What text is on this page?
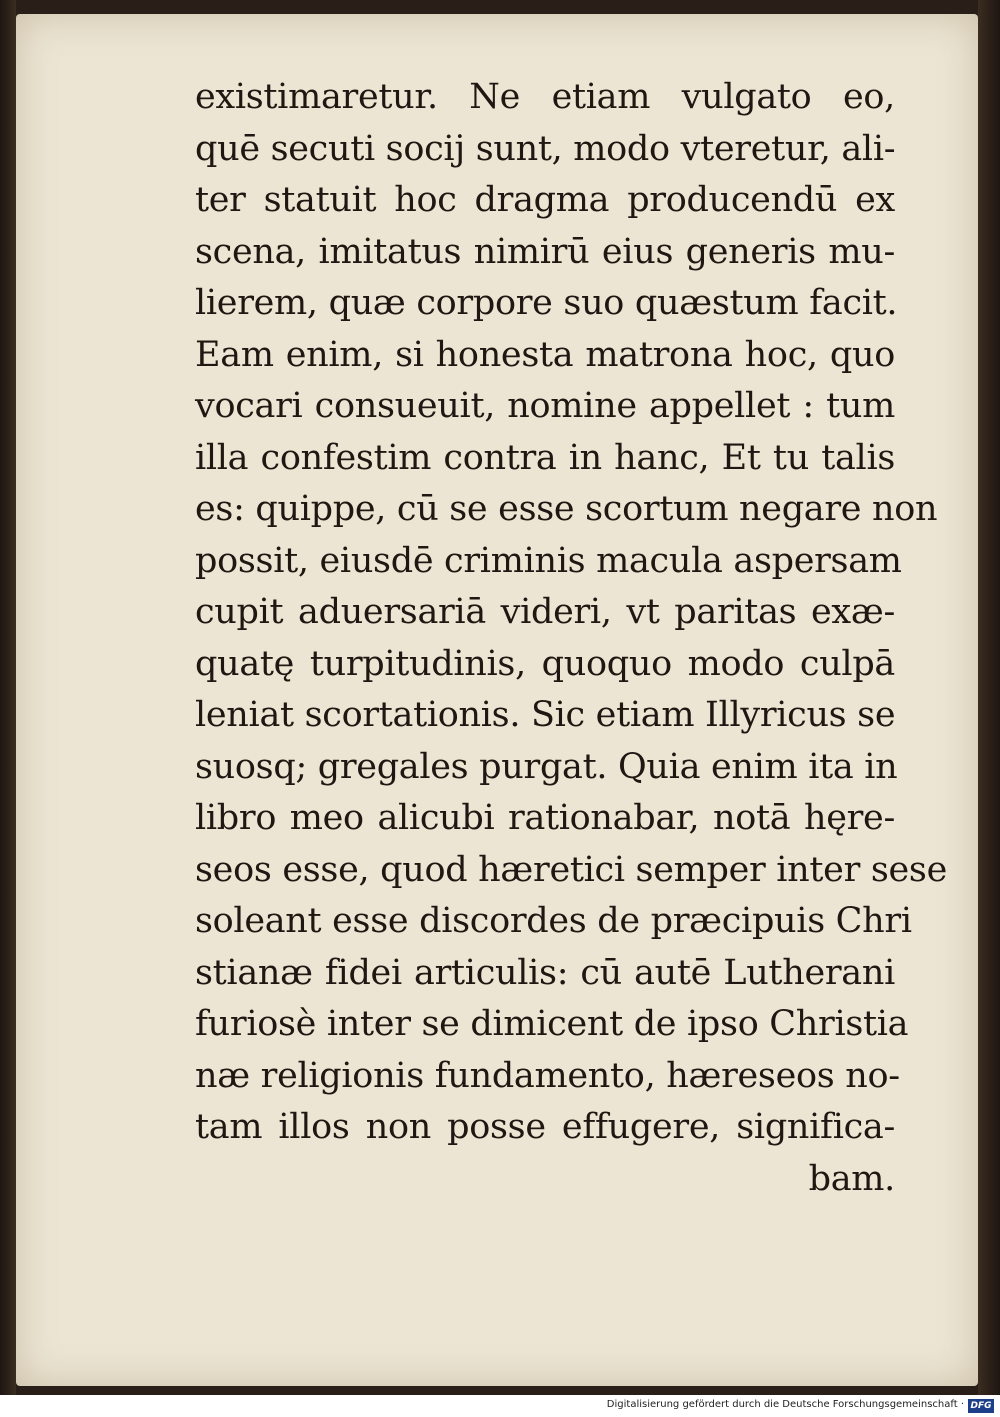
existimaretur. Ne etiam vulgato eo,
quē secuti socij sunt, modo vteretur, ali-
ter statuit hoc dragma producendū ex
scena, imitatus nimirū eius generis mu-
lierem, quæ corpore suo quæstum facit.
Eam enim, si honesta matrona hoc, quo
vocari consueuit, nomine appellet : tum
illa confestim contra in hanc, Et tu talis
es: quippe, cū se esse scortum negare non
possit, eiusdē criminis macula aspersam
cupit aduersariā videri, vt paritas exæ-
quatę turpitudinis, quoquo modo culpā
leniat scortationis. Sic etiam Illyricus se
suosq; gregales purgat. Quia enim ita in
libro meo alicubi rationabar, notā hęre-
seos esse, quod hæretici semper inter sese
soleant esse discordes de præcipuis Chri
stianæ fidei articulis: cū autē Lutherani
furiosè inter se dimicent de ipso Christia
næ religionis fundamento, hæreseos no-
tam illos non posse effugere, significa-
bam.
Digitalisierung gefördert durch die Deutsche Forschungsgemeinschaft · DFG
